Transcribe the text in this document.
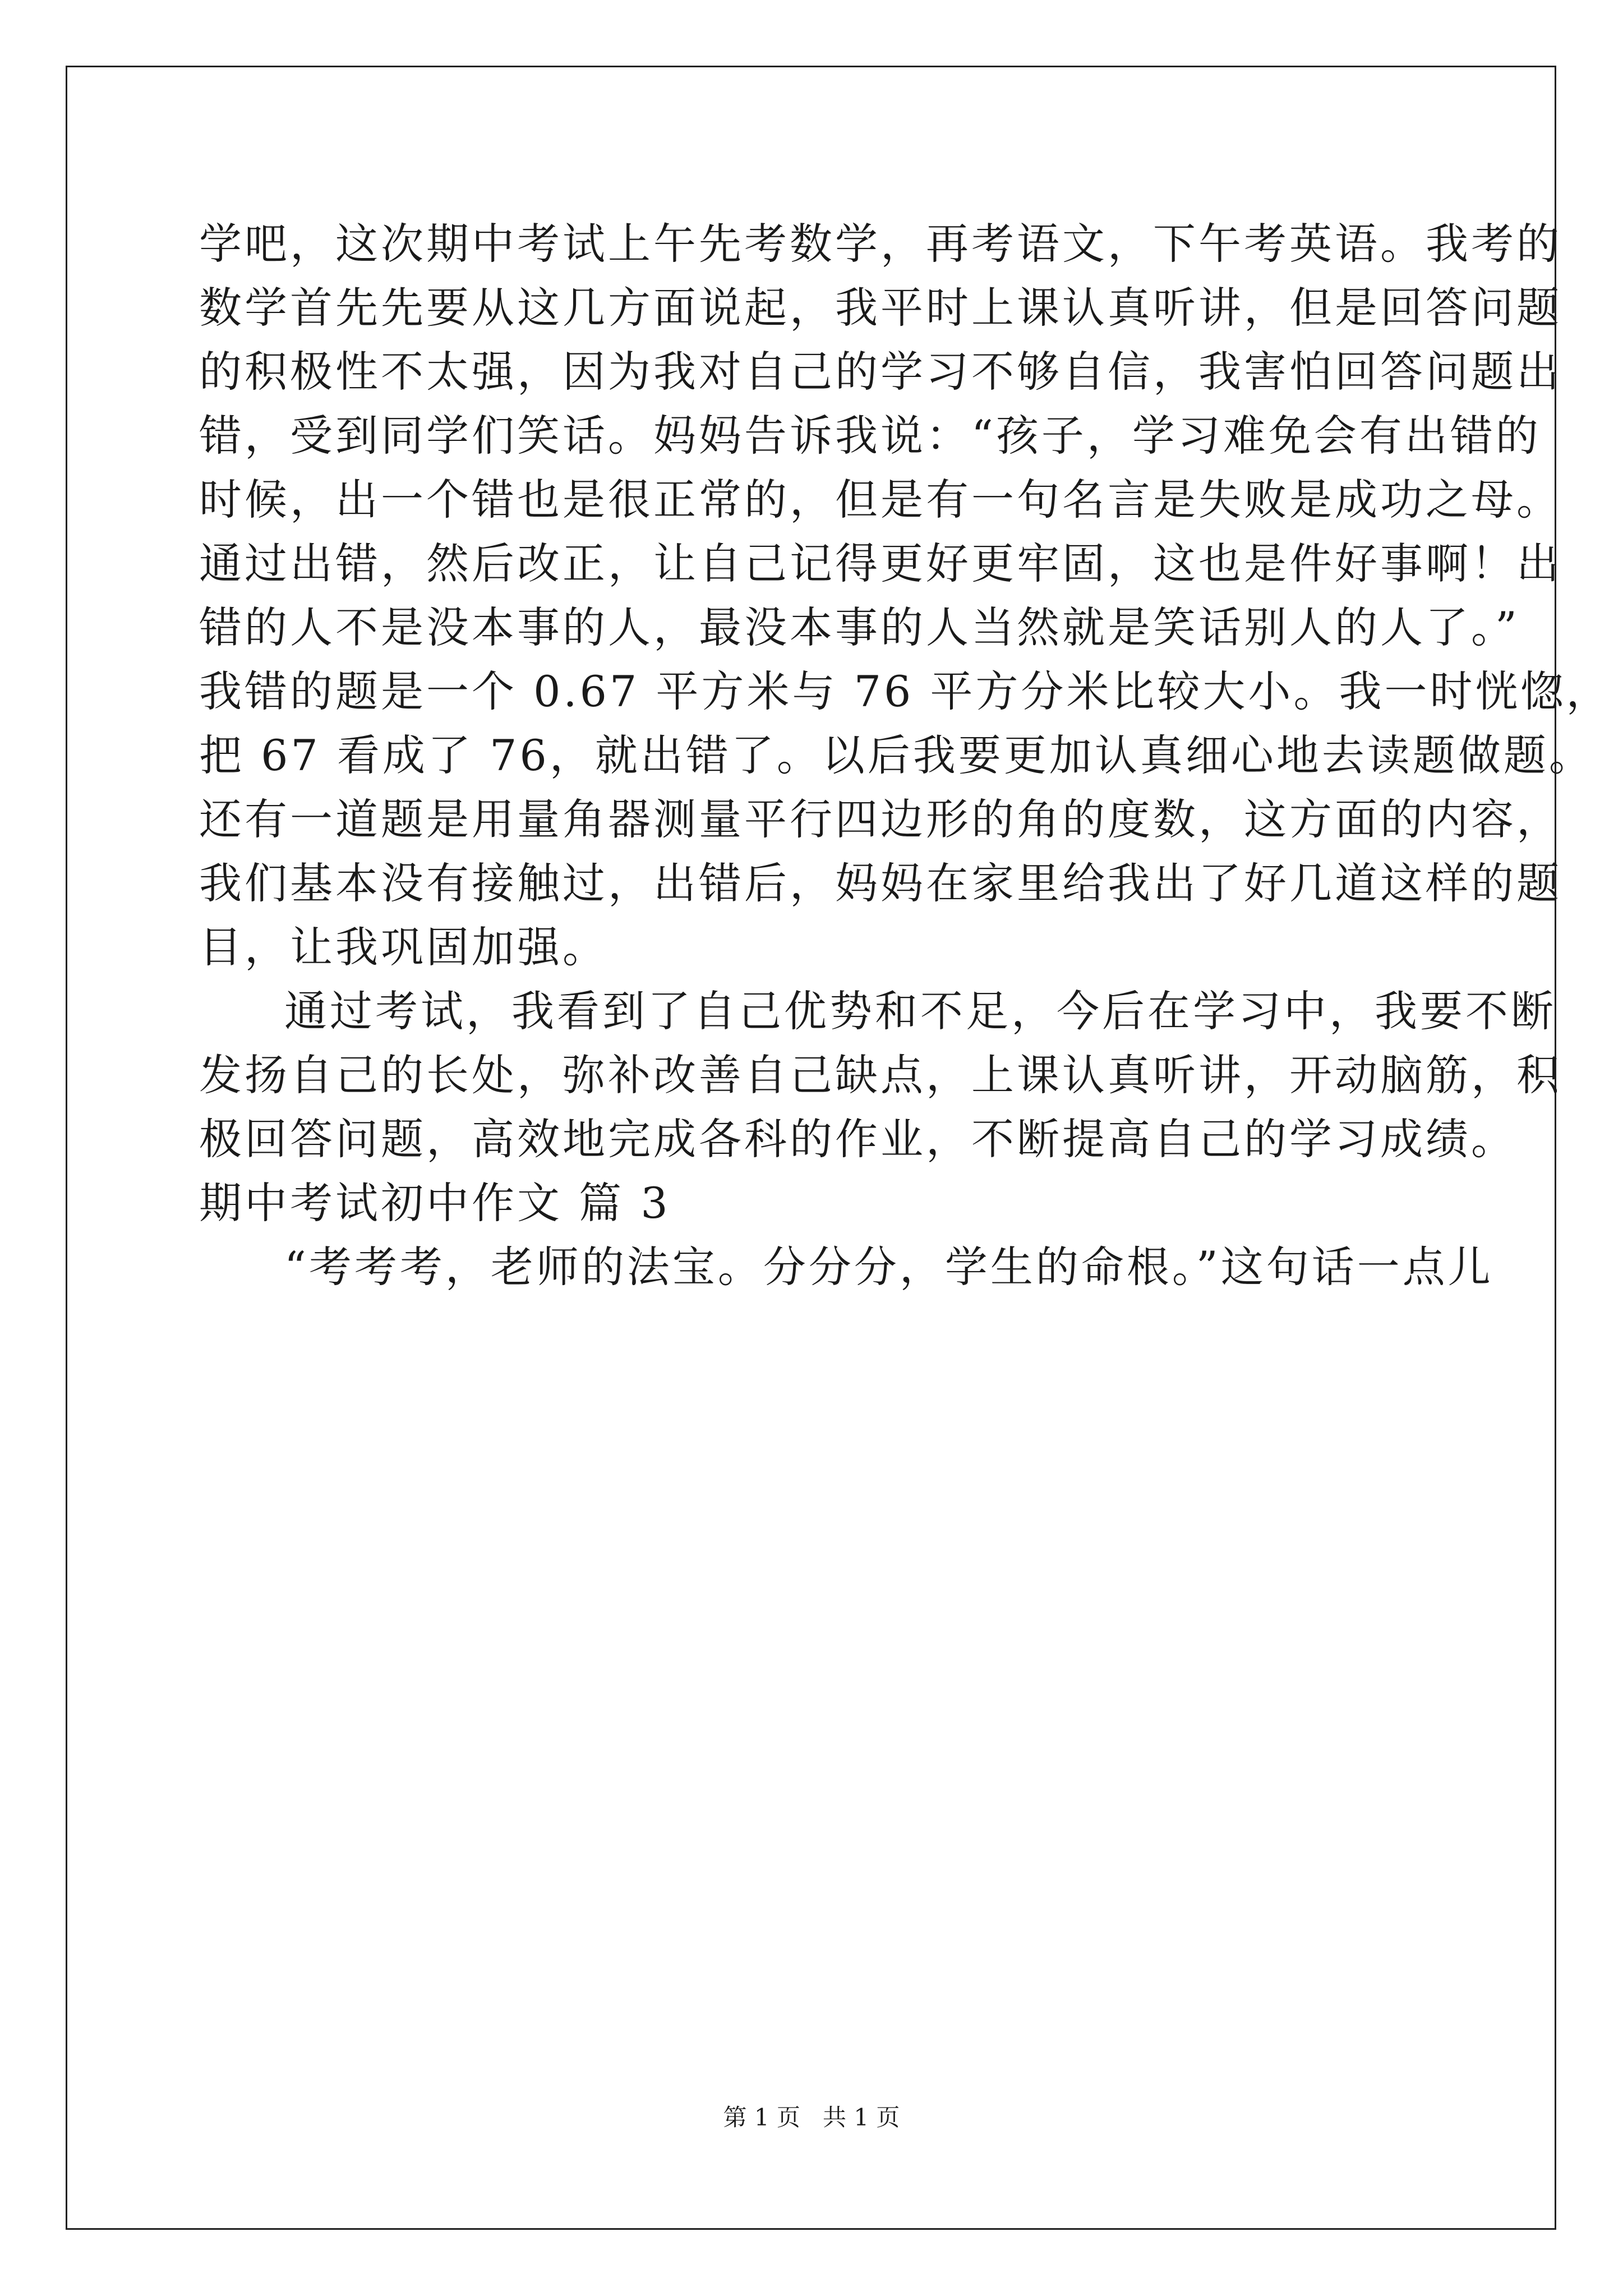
学吧，这次期中考试上午先考数学，再考语文，下午考英语。我考的
数学首先先要从这几方面说起，我平时上课认真听讲，但是回答问题
的积极性不太强，因为我对自己的学习不够自信，我害怕回答问题出
错，受到同学们笑话。妈妈告诉我说：“孩子，学习难免会有出错的
时候，出一个错也是很正常的，但是有一句名言是失败是成功之母。
通过出错，然后改正，让自己记得更好更牢固，这也是件好事啊！出
错的人不是没本事的人，最没本事的人当然就是笑话别人的人了。”
我错的题是一个 0.67 平方米与 76 平方分米比较大小。我一时恍惚，
把 67 看成了 76，就出错了。以后我要更加认真细心地去读题做题。
还有一道题是用量角器测量平行四边形的角的度数，这方面的内容，
我们基本没有接触过，出错后，妈妈在家里给我出了好几道这样的题
目，让我巩固加强。
通过考试，我看到了自己优势和不足，今后在学习中，我要不断
发扬自己的长处，弥补改善自己缺点，上课认真听讲，开动脑筋，积
极回答问题，高效地完成各科的作业，不断提高自己的学习成绩。
期中考试初中作文 篇 3
“考考考，老师的法宝。分分分，学生的命根。”这句话一点儿
第 1 页 共 1 页
